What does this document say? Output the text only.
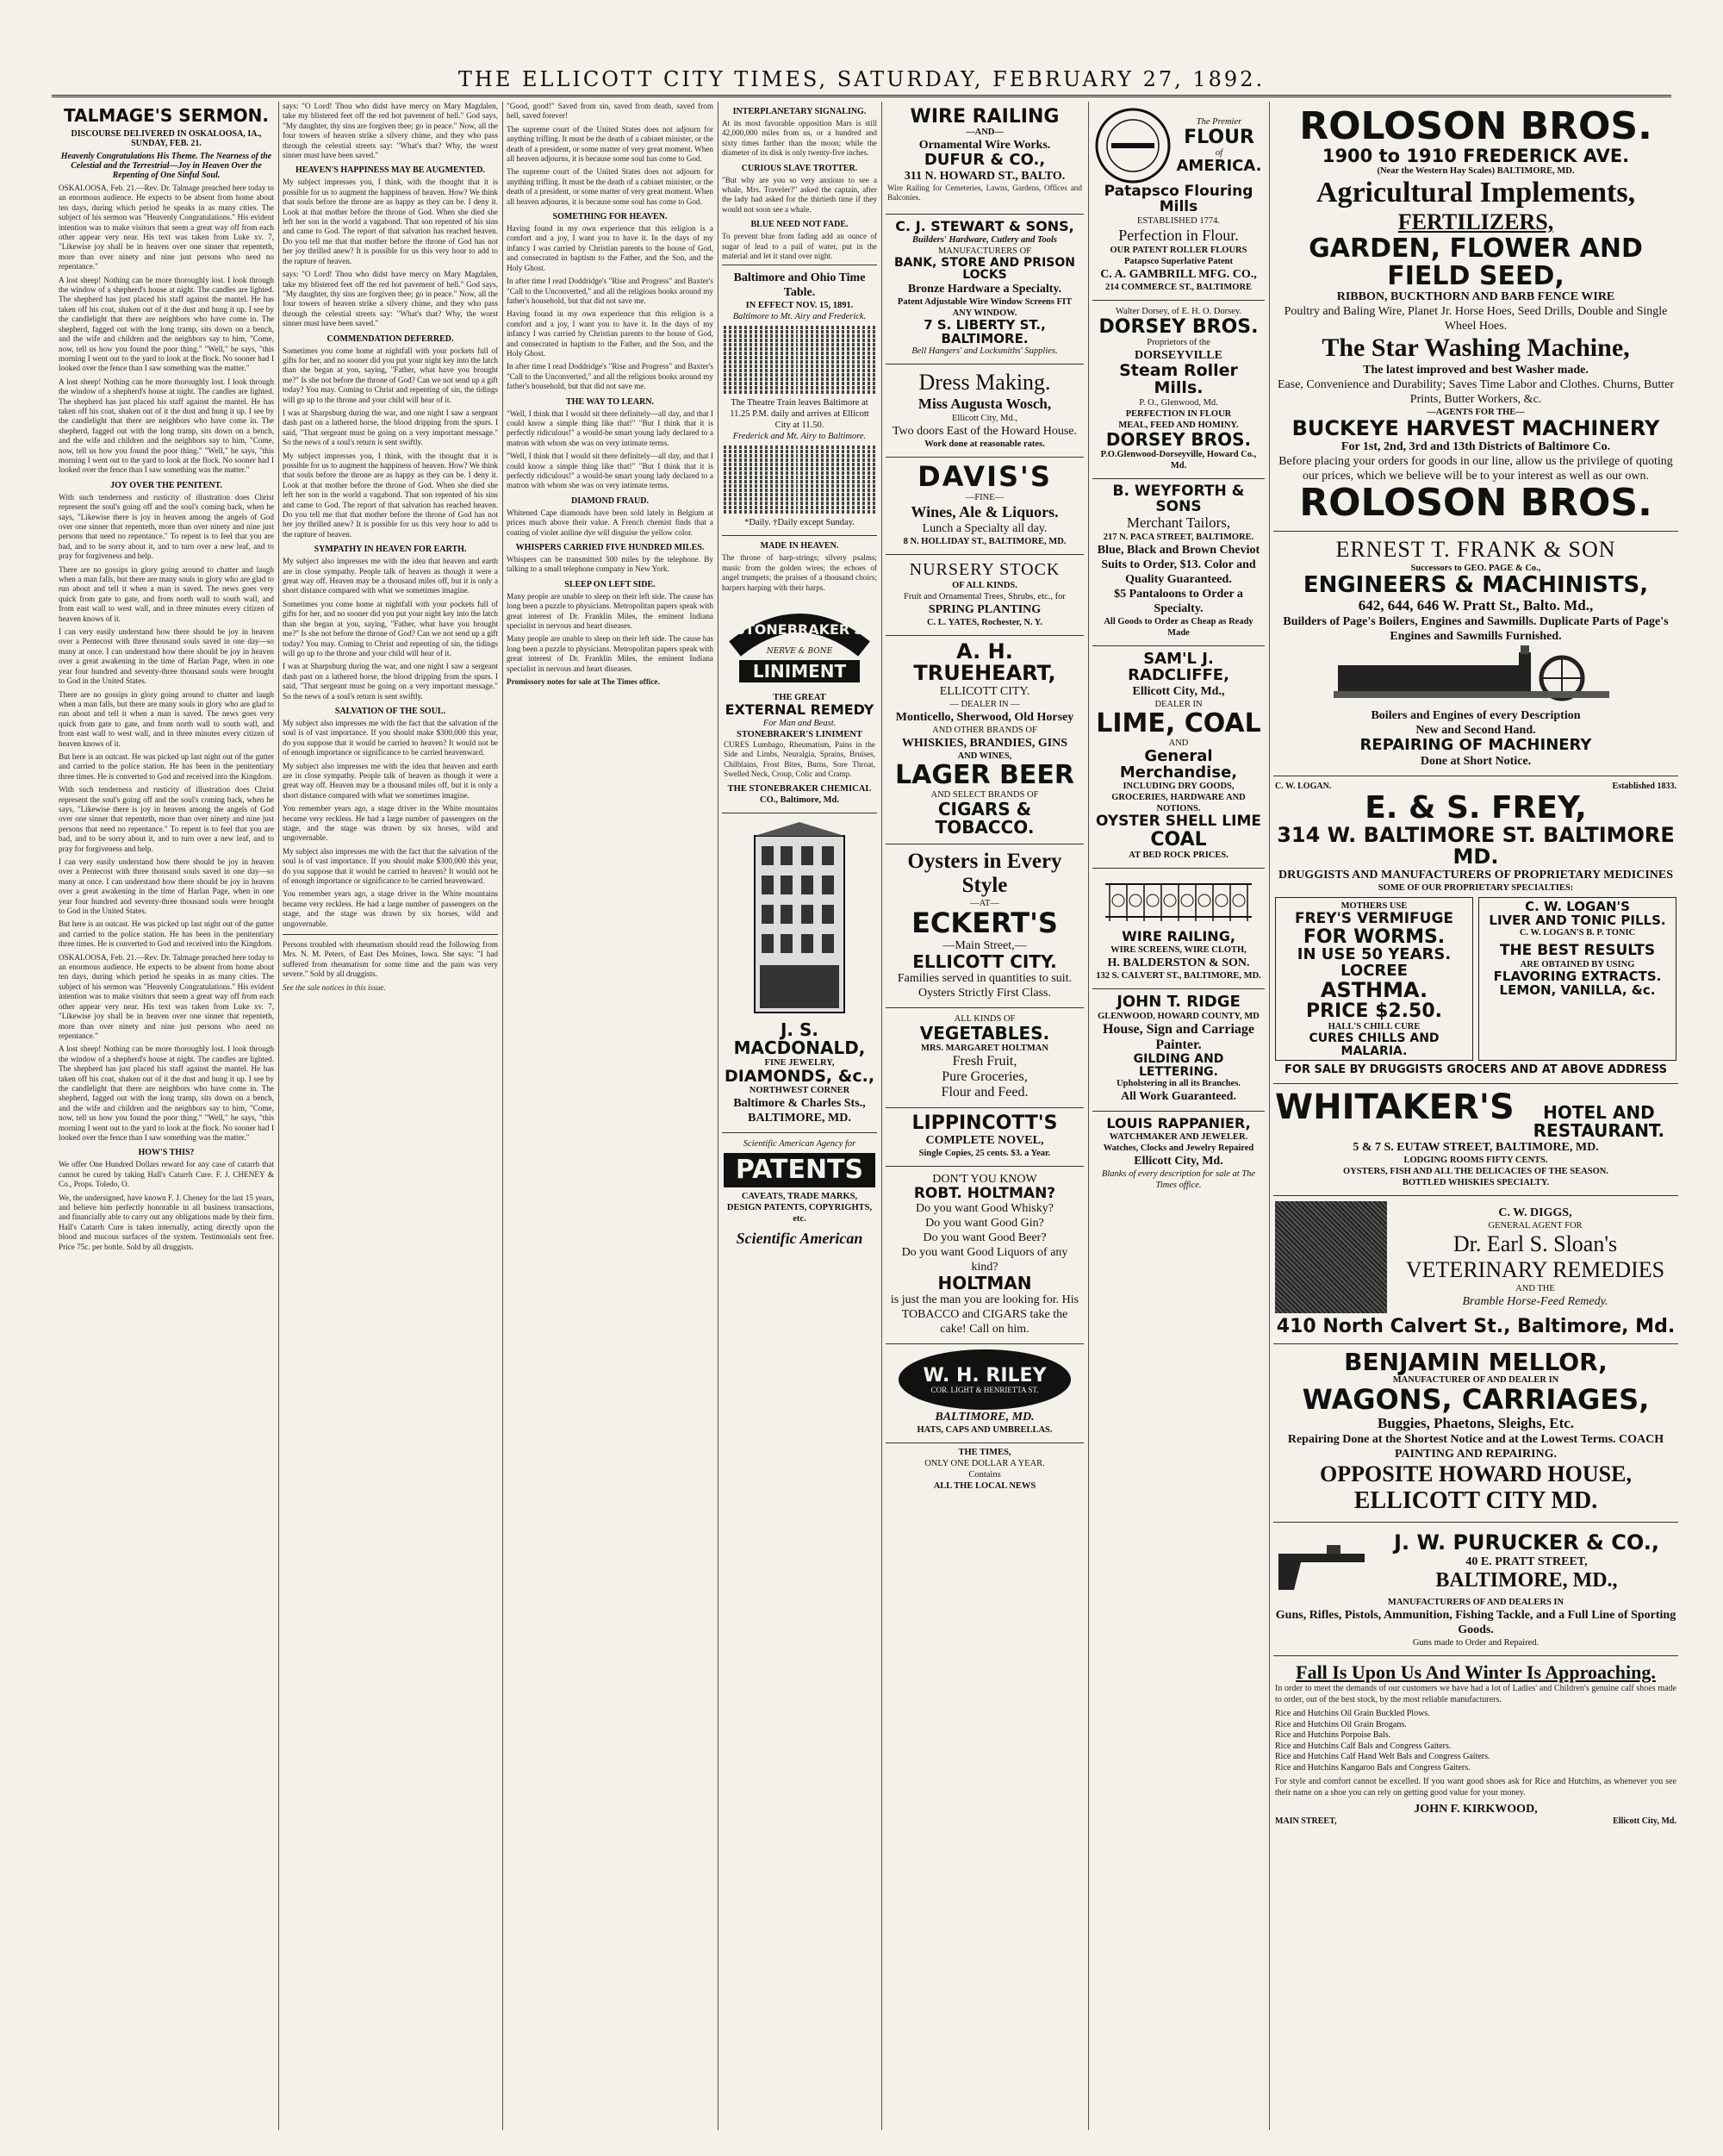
THE ELLICOTT CITY TIMES, SATURDAY, FEBRUARY 27, 1892.
TALMAGE'S SERMON.
DISCOURSE DELIVERED IN OSKALOOSA, IA., SUNDAY, FEB. 21.
Heavenly Congratulations His Theme. The Nearness of the Celestial and the Terrestrial—Joy in Heaven Over the Repenting of One Sinful Soul.

OSKALOOSA, Feb. 21.—Rev. Dr. Talmage preached here today to an enormous audience. He expects to be absent from home about ten days, during which period he speaks in as many cities. The subject of his sermon was "Heavenly Congratulations." His evident intention was to make visitors that seem a great way off from each other appear very near. His text was taken from Luke xv. 7, "Likewise joy shall be in heaven over one sinner that repenteth, more than over ninety and nine just persons who need no repentance."

A lost sheep! Nothing can be more thoroughly lost. I look through the window of a shepherd's house at night. The candles are lighted. The shepherd has just placed his staff against the mantel. He has taken off his coat, shaken out of it the dust and hung it up. I see by the candlelight that there are neighbors who have come in. The shepherd, fagged out with the long tramp, sits down on a bench, and the wife and children and the neighbors say to him, "Come, now, tell us how you found the poor thing." "Well," he says, "this morning I went out to the yard to look at the flock. No sooner had I looked over the fence than I saw something was the matter."

A lost sheep! Nothing can be more thoroughly lost. I look through the window of a shepherd's house at night. The candles are lighted. The shepherd has just placed his staff against the mantel. He has taken off his coat, shaken out of it the dust and hung it up. I see by the candlelight that there are neighbors who have come in. The shepherd, fagged out with the long tramp, sits down on a bench, and the wife and children and the neighbors say to him, "Come, now, tell us how you found the poor thing." "Well," he says, "this morning I went out to the yard to look at the flock. No sooner had I looked over the fence than I saw something was the matter."

JOY OVER THE PENITENT.

With such tenderness and rusticity of illustration does Christ represent the soul's going off and the soul's coming back, when he says, "Likewise there is joy in heaven among the angels of God over one sinner that repenteth, more than over ninety and nine just persons that need no repentance." To repent is to feel that you are bad, and to be sorry about it, and to turn over a new leaf, and to pray for forgiveness and help.

There are no gossips in glory going around to chatter and laugh when a man falls, but there are many souls in glory who are glad to run about and tell it when a man is saved. The news goes very quick from gate to gate, and from north wall to south wall, and from east wall to west wall, and in three minutes every citizen of heaven knows of it.

I can very easily understand how there should be joy in heaven over a Pentecost with three thousand souls saved in one day—so many at once. I can understand how there should be joy in heaven over a great awakening in the time of Harlan Page, when in one year four hundred and seventy-three thousand souls were brought to God in the United States.

There are no gossips in glory going around to chatter and laugh when a man falls, but there are many souls in glory who are glad to run about and tell it when a man is saved. The news goes very quick from gate to gate, and from north wall to south wall, and from east wall to west wall, and in three minutes every citizen of heaven knows of it.

But here is an outcast. He was picked up last night out of the gutter and carried to the police station. He has been in the penitentiary three times. He is converted to God and received into the Kingdom.

With such tenderness and rusticity of illustration does Christ represent the soul's going off and the soul's coming back, when he says, "Likewise there is joy in heaven among the angels of God over one sinner that repenteth, more than over ninety and nine just persons that need no repentance." To repent is to feel that you are bad, and to be sorry about it, and to turn over a new leaf, and to pray for forgiveness and help.

I can very easily understand how there should be joy in heaven over a Pentecost with three thousand souls saved in one day—so many at once. I can understand how there should be joy in heaven over a great awakening in the time of Harlan Page, when in one year four hundred and seventy-three thousand souls were brought to God in the United States.

But here is an outcast. He was picked up last night out of the gutter and carried to the police station. He has been in the penitentiary three times. He is converted to God and received into the Kingdom.

OSKALOOSA, Feb. 21.—Rev. Dr. Talmage preached here today to an enormous audience. He expects to be absent from home about ten days, during which period he speaks in as many cities. The subject of his sermon was "Heavenly Congratulations." His evident intention was to make visitors that seem a great way off from each other appear very near. His text was taken from Luke xv. 7, "Likewise joy shall be in heaven over one sinner that repenteth, more than over ninety and nine just persons who need no repentance."

A lost sheep! Nothing can be more thoroughly lost. I look through the window of a shepherd's house at night. The candles are lighted. The shepherd has just placed his staff against the mantel. He has taken off his coat, shaken out of it the dust and hung it up. I see by the candlelight that there are neighbors who have come in. The shepherd, fagged out with the long tramp, sits down on a bench, and the wife and children and the neighbors say to him, "Come, now, tell us how you found the poor thing." "Well," he says, "this morning I went out to the yard to look at the flock. No sooner had I looked over the fence than I saw something was the matter."

HOW'S THIS?

We offer One Hundred Dollars reward for any case of catarrh that cannot be cured by taking Hall's Catarrh Cure. F. J. CHENEY & Co., Props. Toledo, O.

We, the undersigned, have known F. J. Cheney for the last 15 years, and believe him perfectly honorable in all business transactions, and financially able to carry out any obligations made by their firm. Hall's Catarrh Cure is taken internally, acting directly upon the blood and mucous surfaces of the system. Testimonials sent free. Price 75c. per bottle. Sold by all druggists.

says: "O Lord! Thou who didst have mercy on Mary Magdalen, take my blistered feet off the red hot pavement of hell." God says, "My daughter, thy sins are forgiven thee; go in peace." Now, all the four towers of heaven strike a silvery chime, and they who pass through the celestial streets say: "What's that? Why, the worst sinner must have been saved."

HEAVEN'S HAPPINESS MAY BE AUGMENTED.

My subject impresses you, I think, with the thought that it is possible for us to augment the happiness of heaven. How? We think that souls before the throne are as happy as they can be. I deny it. Look at that mother before the throne of God. When she died she left her son in the world a vagabond. That son repented of his sins and came to God. The report of that salvation has reached heaven. Do you tell me that that mother before the throne of God has not her joy thrilled anew? It is possible for us this very hour to add to the rapture of heaven.

says: "O Lord! Thou who didst have mercy on Mary Magdalen, take my blistered feet off the red hot pavement of hell." God says, "My daughter, thy sins are forgiven thee; go in peace." Now, all the four towers of heaven strike a silvery chime, and they who pass through the celestial streets say: "What's that? Why, the worst sinner must have been saved."

COMMENDATION DEFERRED.

Sometimes you come home at nightfall with your pockets full of gifts for her, and no sooner did you put your night key into the latch than she began at you, saying, "Father, what have you brought me?" Is she not before the throne of God? Can we not send up a gift today? You may. Coming to Christ and repenting of sin, the tidings will go up to the throne and your child will hear of it.

I was at Sharpsburg during the war, and one night I saw a sergeant dash past on a lathered horse, the blood dripping from the spurs. I said, "That sergeant must be going on a very important message." So the news of a soul's return is sent swiftly.

My subject impresses you, I think, with the thought that it is possible for us to augment the happiness of heaven. How? We think that souls before the throne are as happy as they can be. I deny it. Look at that mother before the throne of God. When she died she left her son in the world a vagabond. That son repented of his sins and came to God. The report of that salvation has reached heaven. Do you tell me that that mother before the throne of God has not her joy thrilled anew? It is possible for us this very hour to add to the rapture of heaven.

SYMPATHY IN HEAVEN FOR EARTH.

My subject also impresses me with the idea that heaven and earth are in close sympathy. People talk of heaven as though it were a great way off. Heaven may be a thousand miles off, but it is only a short distance compared with what we sometimes imagine.

Sometimes you come home at nightfall with your pockets full of gifts for her, and no sooner did you put your night key into the latch than she began at you, saying, "Father, what have you brought me?" Is she not before the throne of God? Can we not send up a gift today? You may. Coming to Christ and repenting of sin, the tidings will go up to the throne and your child will hear of it.

I was at Sharpsburg during the war, and one night I saw a sergeant dash past on a lathered horse, the blood dripping from the spurs. I said, "That sergeant must be going on a very important message." So the news of a soul's return is sent swiftly.

SALVATION OF THE SOUL.

My subject also impresses me with the fact that the salvation of the soul is of vast importance. If you should make $300,000 this year, do you suppose that it would be carried to heaven? It would not be of enough importance or significance to be carried heavenward.

My subject also impresses me with the idea that heaven and earth are in close sympathy. People talk of heaven as though it were a great way off. Heaven may be a thousand miles off, but it is only a short distance compared with what we sometimes imagine.

You remember years ago, a stage driver in the White mountains became very reckless. He had a large number of passengers on the stage, and the stage was drawn by six horses, wild and ungovernable.

My subject also impresses me with the fact that the salvation of the soul is of vast importance. If you should make $300,000 this year, do you suppose that it would be carried to heaven? It would not be of enough importance or significance to be carried heavenward.

You remember years ago, a stage driver in the White mountains became very reckless. He had a large number of passengers on the stage, and the stage was drawn by six horses, wild and ungovernable.

Persons troubled with rheumatism should read the following from Mrs. N. M. Peters, of East Des Moines, Iowa. She says: "I had suffered from rheumatism for some time and the pain was very severe." Sold by all druggists.

See the sale notices in this issue.

"Good, good!" Saved from sin, saved from death, saved from hell, saved forever!

The supreme court of the United States does not adjourn for anything trifling. It must be the death of a cabinet minister, or the death of a president, or some matter of very great moment. When all heaven adjourns, it is because some soul has come to God.

The supreme court of the United States does not adjourn for anything trifling. It must be the death of a cabinet minister, or the death of a president, or some matter of very great moment. When all heaven adjourns, it is because some soul has come to God.

SOMETHING FOR HEAVEN.

Having found in my own experience that this religion is a comfort and a joy, I want you to have it. In the days of my infancy I was carried by Christian parents to the house of God, and consecrated in baptism to the Father, and the Son, and the Holy Ghost.

In after time I read Doddridge's "Rise and Progress" and Baxter's "Call to the Unconverted," and all the religious books around my father's household, but that did not save me.

Having found in my own experience that this religion is a comfort and a joy, I want you to have it. In the days of my infancy I was carried by Christian parents to the house of God, and consecrated in baptism to the Father, and the Son, and the Holy Ghost.

In after time I read Doddridge's "Rise and Progress" and Baxter's "Call to the Unconverted," and all the religious books around my father's household, but that did not save me.

THE WAY TO LEARN.

"Well, I think that I would sit there definitely—all day, and that I could know a simple thing like that!" "But I think that it is perfectly ridiculous!" a would-be smart young lady declared to a matron with whom she was on very intimate terms.

"Well, I think that I would sit there definitely—all day, and that I could know a simple thing like that!" "But I think that it is perfectly ridiculous!" a would-be smart young lady declared to a matron with whom she was on very intimate terms.

DIAMOND FRAUD.

Whitened Cape diamonds have been sold lately in Belgium at prices much above their value. A French chemist finds that a coating of violet aniline dye will disguise the yellow color.

WHISPERS CARRIED FIVE HUNDRED MILES.

Whispers can be transmitted 500 miles by the telephone. By talking to a small telephone company in New York.

SLEEP ON LEFT SIDE.

Many people are unable to sleep on their left side. The cause has long been a puzzle to physicians. Metropolitan papers speak with great interest of Dr. Franklin Miles, the eminent Indiana specialist in nervous and heart diseases.

Many people are unable to sleep on their left side. The cause has long been a puzzle to physicians. Metropolitan papers speak with great interest of Dr. Franklin Miles, the eminent Indiana specialist in nervous and heart diseases.

Promissory notes for sale at The Times office.

INTERPLANETARY SIGNALING.

At its most favorable opposition Mars is still 42,000,000 miles from us, or a hundred and sixty times farther than the moon; while the diameter of its disk is only twenty-five inches.

CURIOUS SLAVE TROTTER.

"But why are you so very anxious to see a whale, Mrs. Traveler?" asked the captain, after the lady had asked for the thirtieth time if they would not soon see a whale.

BLUE NEED NOT FADE.

To prevent blue from fading add an ounce of sugar of lead to a pail of water, put in the material and let it stand over night.

Baltimore and Ohio Time Table.
IN EFFECT NOV. 15, 1891.
Baltimore to Mt. Airy and Frederick.
The Theatre Train leaves Baltimore at 11.25 P.M. daily and arrives at Ellicott City at 11.50.
Frederick and Mt. Airy to Baltimore.
*Daily. †Daily except Sunday.
MADE IN HEAVEN.

The throne of harp-strings; silvery psalms; music from the golden wires; the echoes of angel trumpets; the praises of a thousand choirs; harpers harping with their harps.

STONEBRAKER'S
NERVE & BONE
LINIMENT
THE GREAT
EXTERNAL REMEDY
For Man and Beast.
STONEBRAKER'S LINIMENT

CURES Lumbago, Rheumatism, Pains in the Side and Limbs, Neuralgia, Sprains, Bruises, Chilblains, Frost Bites, Burns, Sore Throat, Swelled Neck, Croup, Colic and Cramp.

THE STONEBRAKER CHEMICAL CO., Baltimore, Md.
J. S. MACDONALD,
FINE JEWELRY,
DIAMONDS, &c.,
NORTHWEST CORNER
Baltimore & Charles Sts.,
BALTIMORE, MD.
Scientific American Agency for
PATENTS
CAVEATS, TRADE MARKS, DESIGN PATENTS, COPYRIGHTS, etc.
Scientific American
WIRE RAILING
—AND—
Ornamental Wire Works.
DUFUR & CO.,
311 N. HOWARD ST., BALTO.

Wire Railing for Cemeteries, Lawns, Gardens, Offices and Balconies.

C. J. STEWART & SONS,
Builders' Hardware, Cutlery and Tools
MANUFACTURERS OF
BANK, STORE AND PRISON LOCKS
Bronze Hardware a Specialty.
Patent Adjustable Wire Window Screens FIT ANY WINDOW.
7 S. LIBERTY ST., BALTIMORE.
Bell Hangers' and Locksmiths' Supplies.
Dress Making.
Miss Augusta Wosch,
Ellicott City, Md.,
Two doors East of the Howard House.
Work done at reasonable rates.
DAVIS'S
—FINE—
Wines, Ale & Liquors.
Lunch a Specialty all day.
8 N. HOLLIDAY ST., BALTIMORE, MD.
NURSERY STOCK
OF ALL KINDS.
Fruit and Ornamental Trees, Shrubs, etc., for
SPRING PLANTING
C. L. YATES, Rochester, N. Y.
A. H. TRUEHEART,
ELLICOTT CITY.
— DEALER IN —
Monticello, Sherwood, Old Horsey
AND OTHER BRANDS OF
WHISKIES, BRANDIES, GINS
AND WINES,
LAGER BEER
AND SELECT BRANDS OF
CIGARS & TOBACCO.
Oysters in Every Style
—AT—
ECKERT'S
—Main Street,—
ELLICOTT CITY.
Families served in quantities to suit. Oysters Strictly First Class.
ALL KINDS OF
VEGETABLES.
MRS. MARGARET HOLTMAN
Fresh Fruit,
Pure Groceries,
Flour and Feed.
LIPPINCOTT'S
COMPLETE NOVEL,
Single Copies, 25 cents. $3. a Year.
DON'T YOU KNOW
ROBT. HOLTMAN?
Do you want Good Whisky?
Do you want Good Gin?
Do you want Good Beer?
Do you want Good Liquors of any kind?
HOLTMAN
is just the man you are looking for. His TOBACCO and CIGARS take the cake! Call on him.
W. H. RILEY
COR. LIGHT & HENRIETTA ST.
BALTIMORE, MD.
HATS, CAPS AND UMBRELLAS.
THE TIMES,
ONLY ONE DOLLAR A YEAR.
Contains
ALL THE LOCAL NEWS
The Premier
FLOUR
of
AMERICA.
Patapsco Flouring Mills
ESTABLISHED 1774.
Perfection in Flour.
OUR PATENT ROLLER FLOURS
Patapsco Superlative Patent
C. A. GAMBRILL MFG. CO.,
214 COMMERCE ST., BALTIMORE
Walter Dorsey, of E. H. O. Dorsey.
DORSEY BROS.
Proprietors of the
DORSEYVILLE
Steam Roller Mills.
P. O., Glenwood, Md.
PERFECTION IN FLOUR
MEAL, FEED AND HOMINY.
DORSEY BROS.
P.O.Glenwood-Dorseyville, Howard Co., Md.
B. WEYFORTH & SONS
Merchant Tailors,
217 N. PACA STREET, BALTIMORE.
Blue, Black and Brown Cheviot Suits to Order, $13. Color and Quality Guaranteed.
$5 Pantaloons to Order a Specialty.
All Goods to Order as Cheap as Ready Made
SAM'L J. RADCLIFFE,
Ellicott City, Md.,
DEALER IN
LIME, COAL
AND
General Merchandise,
INCLUDING DRY GOODS, GROCERIES, HARDWARE AND NOTIONS.
OYSTER SHELL LIME
COAL
AT BED ROCK PRICES.
WIRE RAILING,
WIRE SCREENS, WIRE CLOTH,
H. BALDERSTON & SON.
132 S. CALVERT ST., BALTIMORE, MD.
JOHN T. RIDGE
GLENWOOD, HOWARD COUNTY, MD
House, Sign and Carriage Painter.
GILDING AND LETTERING.
Upholstering in all its Branches.
All Work Guaranteed.
LOUIS RAPPANIER,
WATCHMAKER AND JEWELER.
Watches, Clocks and Jewelry Repaired
Ellicott City, Md.
Blanks of every description for sale at The Times office.
ROLOSON BROS.
1900 to 1910 FREDERICK AVE.
(Near the Western Hay Scales) BALTIMORE, MD.
Agricultural Implements,
FERTILIZERS,
GARDEN, FLOWER AND FIELD SEED,
RIBBON, BUCKTHORN AND BARB FENCE WIRE
Poultry and Baling Wire, Planet Jr. Horse Hoes, Seed Drills, Double and Single Wheel Hoes.
The Star Washing Machine,
The latest improved and best Washer made.
Ease, Convenience and Durability; Saves Time Labor and Clothes. Churns, Butter Prints, Butter Workers, &c.
—AGENTS FOR THE—
BUCKEYE HARVEST MACHINERY
For 1st, 2nd, 3rd and 13th Districts of Baltimore Co.
Before placing your orders for goods in our line, allow us the privilege of quoting our prices, which we believe will be to your interest as well as our own.
ROLOSON BROS.
ERNEST T. FRANK & SON
Successors to GEO. PAGE & Co.,
ENGINEERS & MACHINISTS,
642, 644, 646 W. Pratt St., Balto. Md.,
Builders of Page's Boilers, Engines and Sawmills. Duplicate Parts of Page's Engines and Sawmills Furnished.
Boilers and Engines of every Description
New and Second Hand.
REPAIRING OF MACHINERY
Done at Short Notice.
C. W. LOGAN.	Established 1833.
E. & S. FREY,
314 W. BALTIMORE ST. BALTIMORE MD.
DRUGGISTS AND MANUFACTURERS OF PROPRIETARY MEDICINES
SOME OF OUR PROPRIETARY SPECIALTIES:
MOTHERS USE
FREY'S VERMIFUGE
FOR WORMS.
IN USE 50 YEARS.
LOCREE
ASTHMA.
PRICE $2.50.
HALL'S CHILL CURE
CURES CHILLS AND MALARIA.
C. W. LOGAN'S
LIVER AND TONIC PILLS.
C. W. LOGAN'S B. P. TONIC
THE BEST RESULTS
ARE OBTAINED BY USING
FLAVORING EXTRACTS.
LEMON, VANILLA, &c.
FOR SALE BY DRUGGISTS GROCERS AND AT ABOVE ADDRESS
WHITAKER'S	HOTEL AND RESTAURANT.
5 & 7 S. EUTAW STREET, BALTIMORE, MD.
LODGING ROOMS FIFTY CENTS.
OYSTERS, FISH AND ALL THE DELICACIES OF THE SEASON.
BOTTLED WHISKIES SPECIALTY.
C. W. DIGGS,
GENERAL AGENT FOR
Dr. Earl S. Sloan's
VETERINARY REMEDIES
AND THE
Bramble Horse-Feed Remedy.
410 North Calvert St., Baltimore, Md.
BENJAMIN MELLOR,
MANUFACTURER OF AND DEALER IN
WAGONS, CARRIAGES,
Buggies, Phaetons, Sleighs, Etc.
Repairing Done at the Shortest Notice and at the Lowest Terms. COACH PAINTING AND REPAIRING.
OPPOSITE HOWARD HOUSE,
ELLICOTT CITY MD.
J. W. PURUCKER & CO.,
40 E. PRATT STREET,
BALTIMORE, MD.,
MANUFACTURERS OF AND DEALERS IN
Guns, Rifles, Pistols, Ammunition, Fishing Tackle, and a Full Line of Sporting Goods.
Guns made to Order and Repaired.
Fall Is Upon Us And Winter Is Approaching.

In order to meet the demands of our customers we have had a lot of Ladies' and Children's genuine calf shoes made to order, out of the best stock, by the most reliable manufacturers.

Rice and Hutchins Oil Grain Buckled Plows.
Rice and Hutchins Oil Grain Brogans.
Rice and Hutchins Porpoise Bals.
Rice and Hutchins Calf Bals and Congress Gaiters.
Rice and Hutchins Calf Hand Welt Bals and Congress Gaiters.
Rice and Hutchins Kangaroo Bals and Congress Gaiters.

For style and comfort cannot be excelled. If you want good shoes ask for Rice and Hutchins, as whenever you see their name on a shoe you can rely on getting good value for your money.

JOHN F. KIRKWOOD,
MAIN STREET,	Ellicott City, Md.
